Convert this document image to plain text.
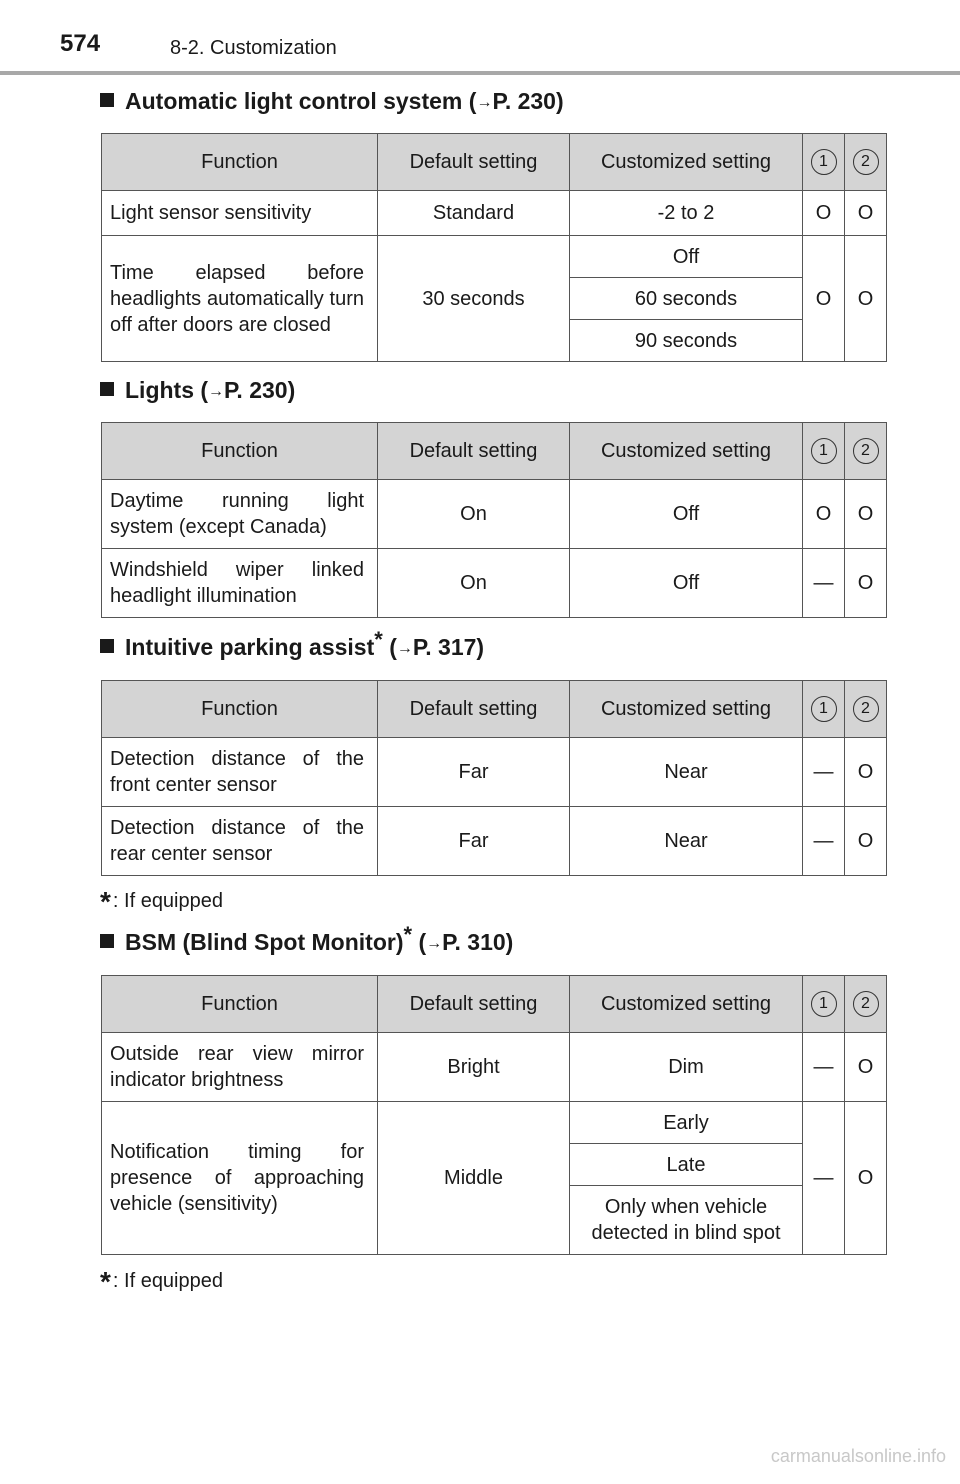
574	8-2. Customization
Automatic light control system (→P. 230)
Function	Default setting	Customized setting	1	2
Light sensor sensitivity	Standard	-2 to 2	O	O
Time elapsed before headlights automatically turn off after doors are closed	30 seconds	Off	O	O
		60 seconds		
		90 seconds		
Lights (→P. 230)
Function	Default setting	Customized setting	1	2
Daytime running light system (except Canada)	On	Off	O	O
Windshield wiper linked headlight illumination	On	Off	—	O
Intuitive parking assist* (→P. 317)
Function	Default setting	Customized setting	1	2
Detection distance of the front center sensor	Far	Near	—	O
Detection distance of the rear center sensor	Far	Near	—	O
* : If equipped
BSM (Blind Spot Monitor)* (→P. 310)
Function	Default setting	Customized setting	1	2
Outside rear view mirror indicator brightness	Bright	Dim	—	O
Notification timing for presence of approaching vehicle (sensitivity)	Middle	Early	—	O
		Late		
		Only when vehicle detected in blind spot		
* : If equipped
carmanualsonline.info
